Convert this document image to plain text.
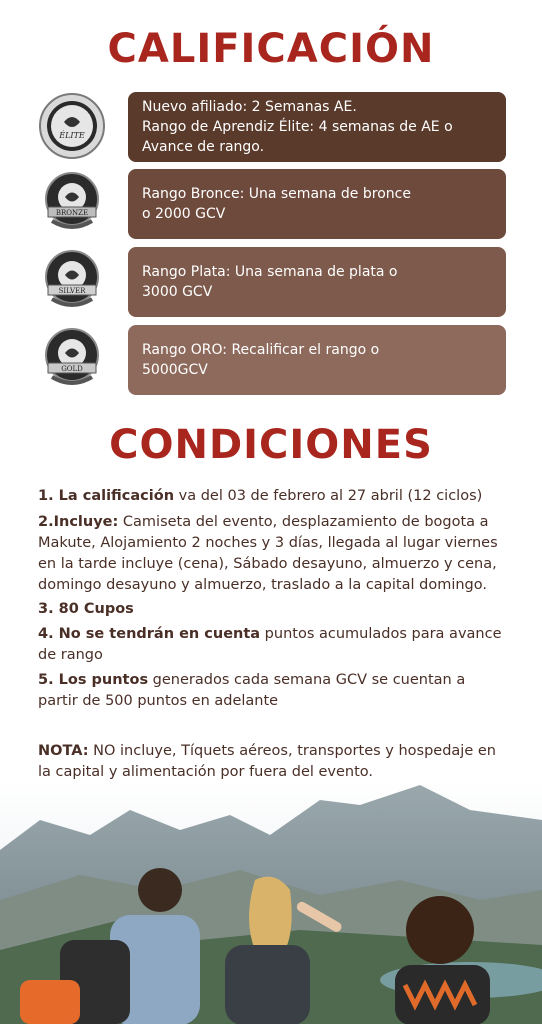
CALIFICACIÓN
ÉLITE
Nuevo afiliado: 2 Semanas AE.
Rango de Aprendiz Élite: 4 semanas de AE o Avance de rango.
BRONZE
Rango Bronce: Una semana de bronce
o 2000 GCV
SILVER
Rango Plata: Una semana de plata o
3000 GCV
GOLD
Rango ORO: Recalificar el rango o
5000GCV
CONDICIONES
1. La calificación va del 03 de febrero al 27 abril (12 ciclos)
2.Incluye: Camiseta del evento, desplazamiento de bogota a Makute, Alojamiento 2 noches y 3 días, llegada al lugar viernes en la tarde incluye (cena), Sábado desayuno, almuerzo y cena, domingo desayuno y almuerzo, traslado a la capital domingo.
3. 80 Cupos
4. No se tendrán en cuenta puntos acumulados para avance de rango
5. Los puntos generados cada semana GCV se cuentan a partir de 500 puntos en adelante
NOTA: NO incluye, Tíquets aéreos, transportes y hospedaje en la capital y alimentación por fuera del evento.
